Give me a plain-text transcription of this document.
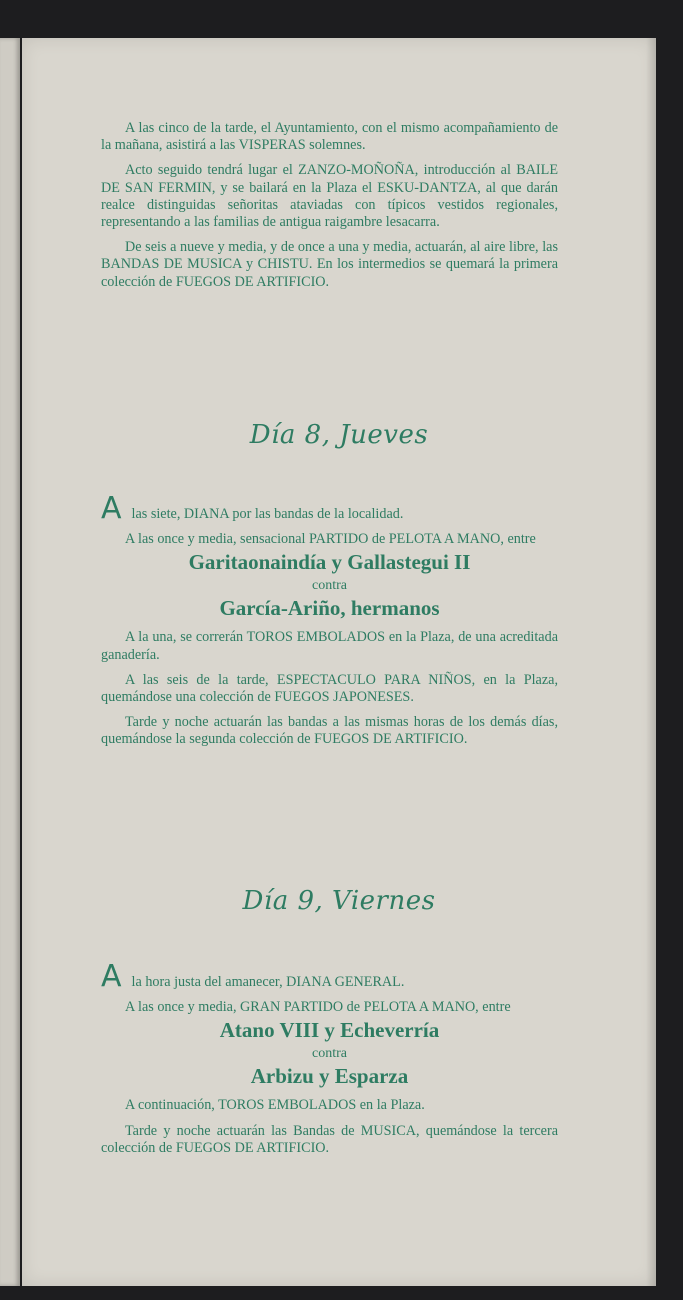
A las cinco de la tarde, el Ayuntamiento, con el mismo acompañamiento de la mañana, asistirá a las VISPERAS solemnes.

Acto seguido tendrá lugar el ZANZO-MOÑOÑA, introducción al BAILE DE SAN FERMIN, y se bailará en la Plaza el ESKU-DANTZA, al que darán realce distinguidas señoritas ataviadas con típicos vestidos regionales, representando a las familias de antigua raigambre lesacarra.

De seis a nueve y media, y de once a una y media, actuarán, al aire libre, las BANDAS DE MUSICA y CHISTU. En los intermedios se quemará la primera colección de FUEGOS DE ARTIFICIO.

Día 8, Jueves

Alas siete, DIANA por las bandas de la localidad.

A las once y media, sensacional PARTIDO de PELOTA A MANO, entre

Garitaonaindía y Gallastegui II
contra
García-Ariño, hermanos

A la una, se correrán TOROS EMBOLADOS en la Plaza, de una acreditada ganadería.

A las seis de la tarde, ESPECTACULO PARA NIÑOS, en la Plaza, quemándose una colección de FUEGOS JAPONESES.

Tarde y noche actuarán las bandas a las mismas horas de los demás días, quemándose la segunda colección de FUEGOS DE ARTIFICIO.

Día 9, Viernes

Ala hora justa del amanecer, DIANA GENERAL.

A las once y media, GRAN PARTIDO de PELOTA A MANO, entre

Atano VIII y Echeverría
contra
Arbizu y Esparza

A continuación, TOROS EMBOLADOS en la Plaza.

Tarde y noche actuarán las Bandas de MUSICA, quemándose la tercera colección de FUEGOS DE ARTIFICIO.
